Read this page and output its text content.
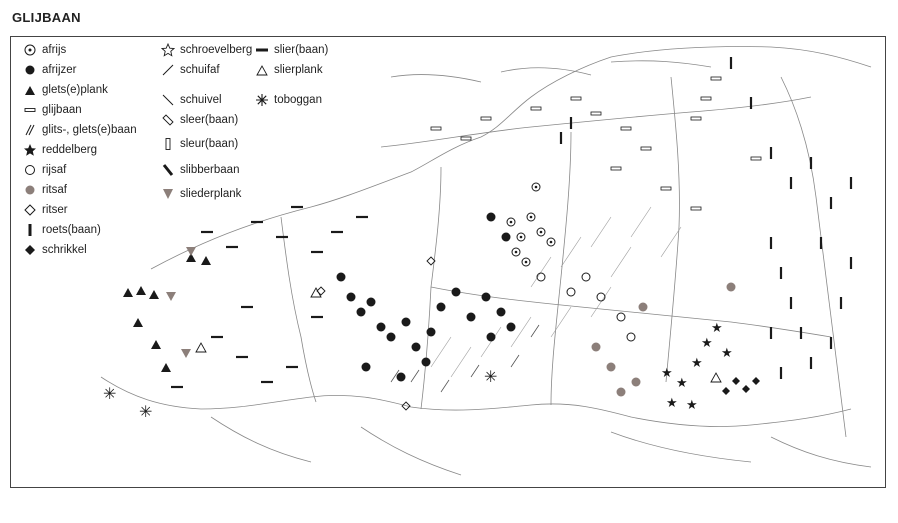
GLIJBAAN
★
★
★
★
★
★ ★
★
✳
✳
✳
afrijs
afrijzer
glets(e)plank
glijbaan
glits-, glets(e)baan
reddelberg
rijsaf
ritsaf
ritser
roets(baan)
schrikkel
schroevelberg
schuifaf
schuivel
sleer(baan)
sleur(baan)
slibberbaan
sliederplank
slier(baan)
slierplank
toboggan
